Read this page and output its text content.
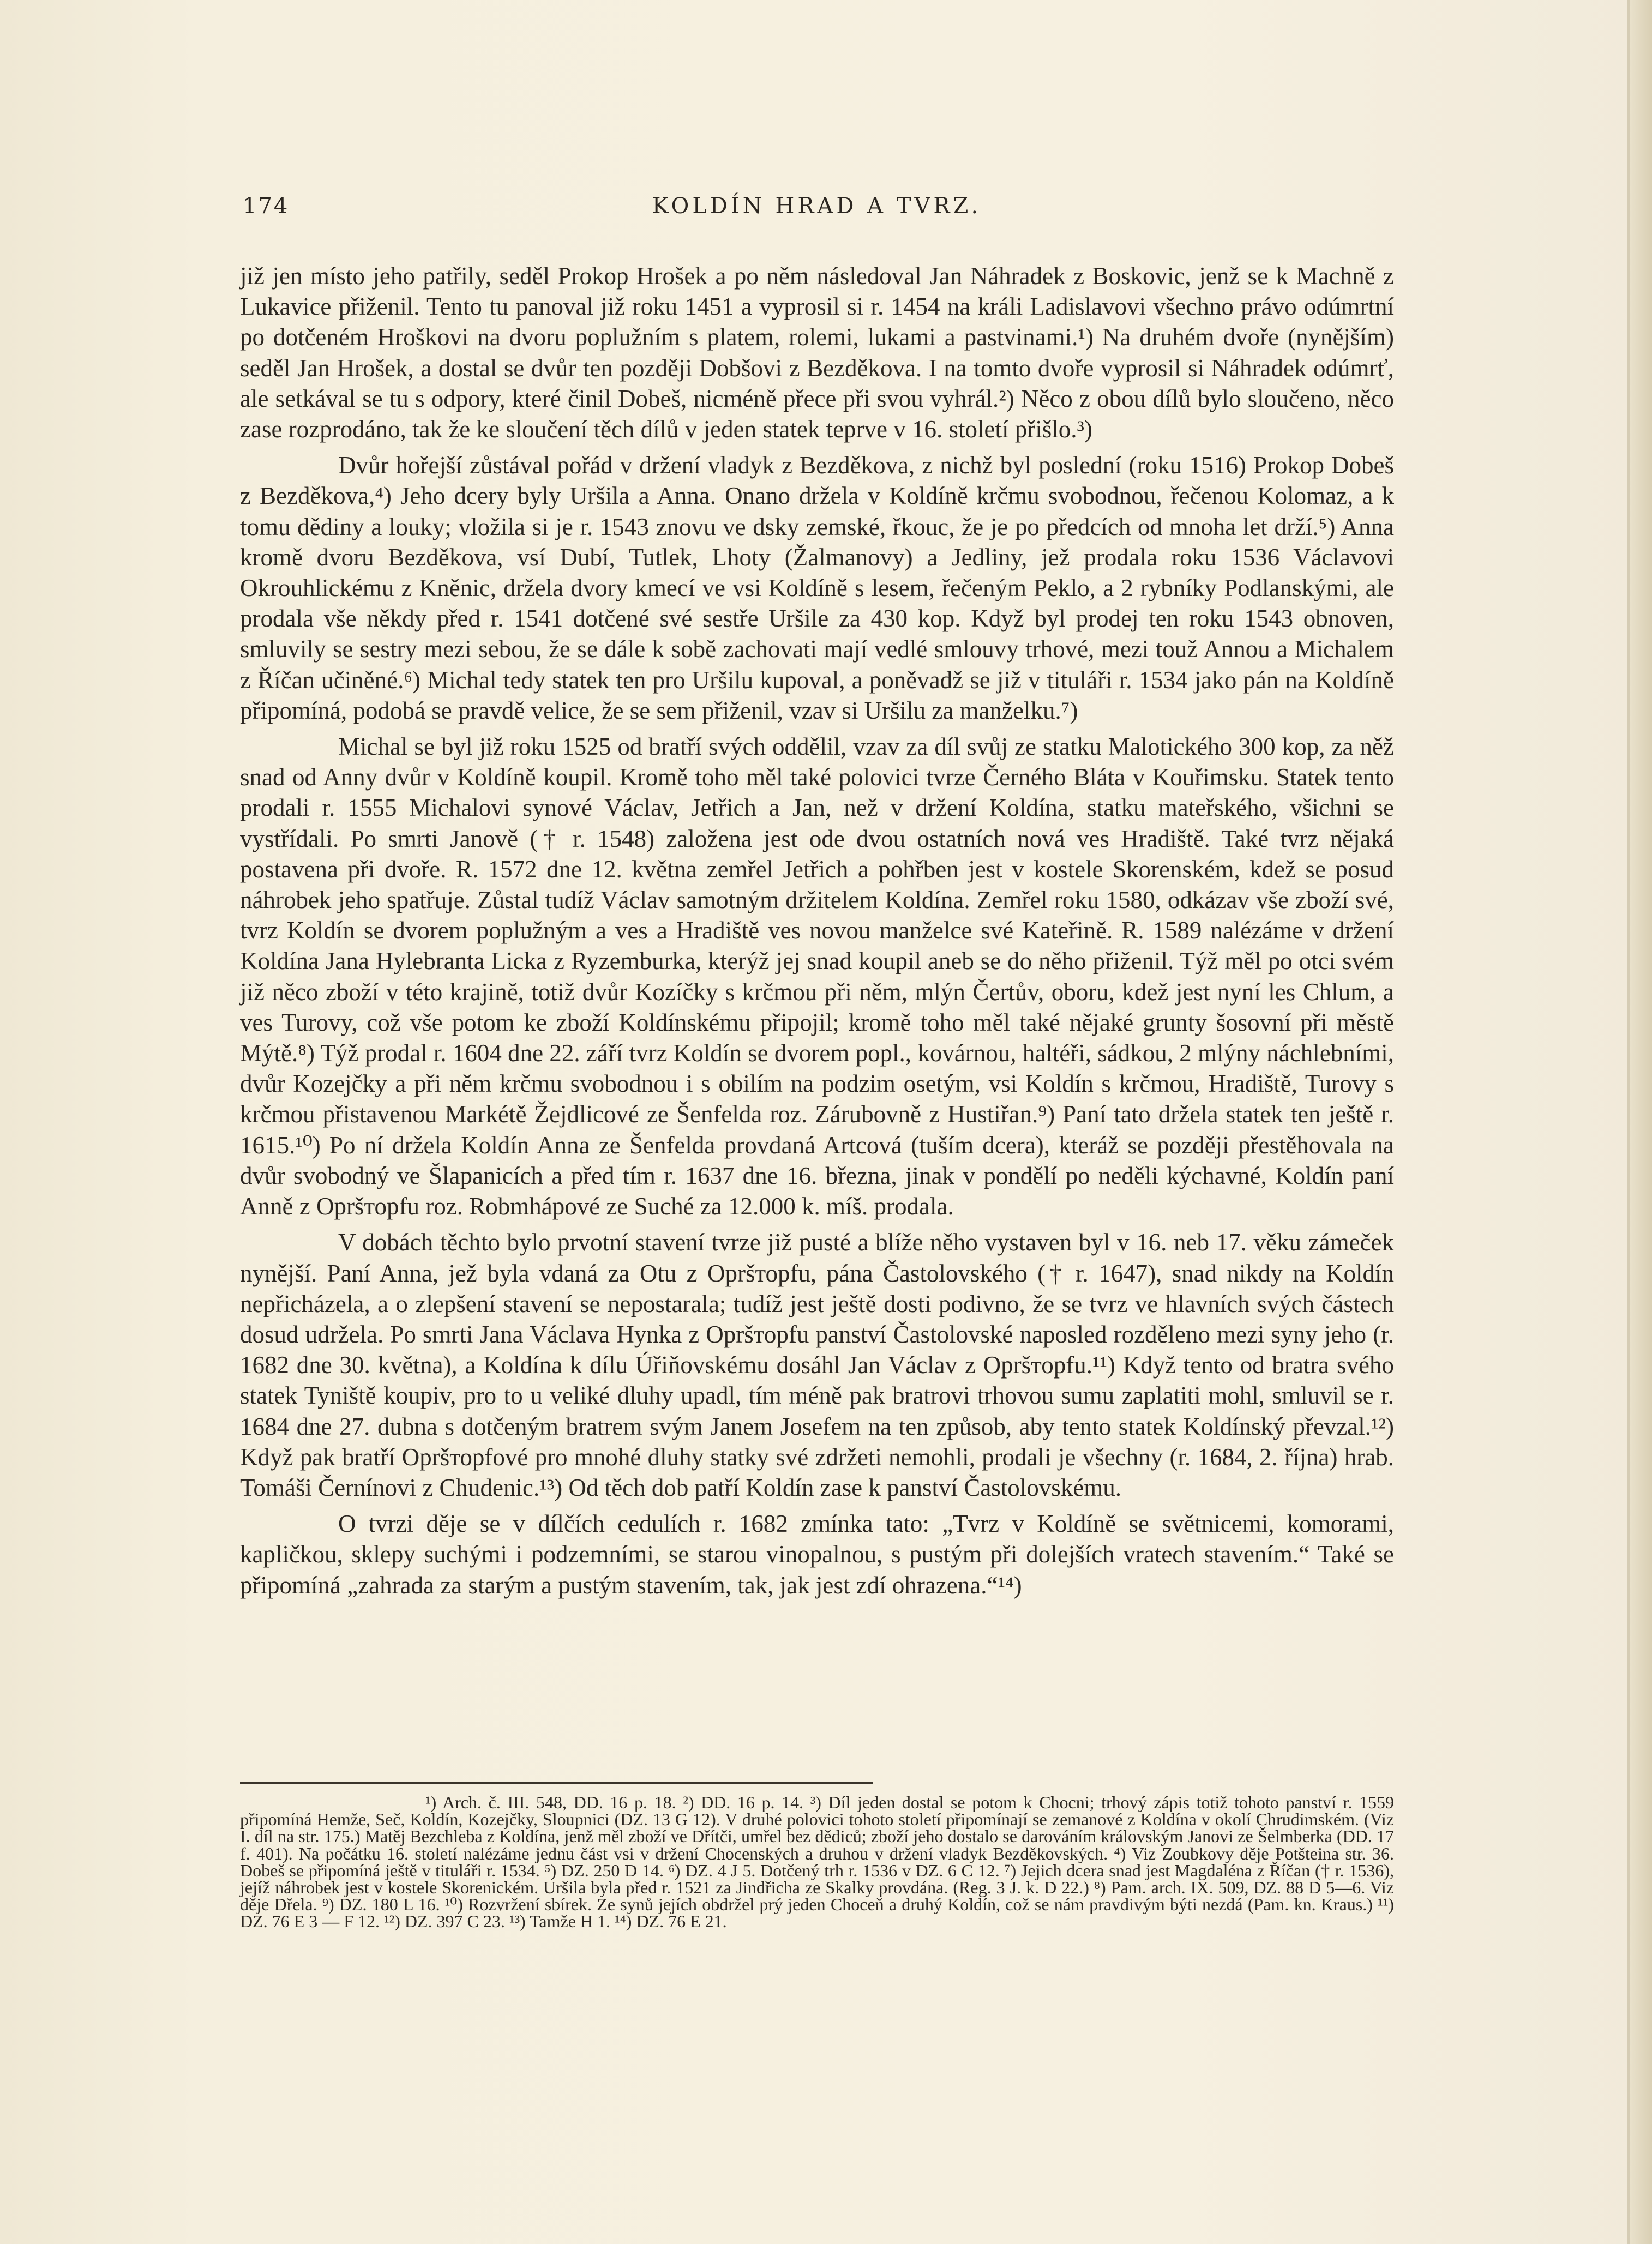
174	KOLDÍN HRAD A TVRZ.

již jen místo jeho patřily, seděl Prokop Hrošek a po něm následoval Jan Náhradek z Boskovic, jenž se k Machně z Lukavice přiženil. Tento tu panoval již roku 1451 a vyprosil si r. 1454 na králi Ladislavovi všechno právo odúmrtní po dotčeném Hroškovi na dvoru poplužním s platem, rolemi, lukami a pastvinami.¹) Na druhém dvoře (nynějším) seděl Jan Hrošek, a dostal se dvůr ten později Dobšovi z Bezděkova. I na tomto dvoře vyprosil si Náhradek odúmrť, ale setkával se tu s odpory, které činil Dobeš, nicméně přece při svou vyhrál.²) Něco z obou dílů bylo sloučeno, něco zase rozprodáno, tak že ke sloučení těch dílů v jeden statek teprve v 16. století přišlo.³)

Dvůr hořejší zůstával pořád v držení vladyk z Bezděkova, z nichž byl poslední (roku 1516) Prokop Dobeš z Bezděkova,⁴) Jeho dcery byly Uršila a Anna. Onano držela v Koldíně krčmu svobodnou, řečenou Kolomaz, a k tomu dědiny a louky; vložila si je r. 1543 znovu ve dsky zemské, řkouc, že je po předcích od mnoha let drží.⁵) Anna kromě dvoru Bezděkova, vsí Dubí, Tutlek, Lhoty (Žalmanovy) a Jedliny, jež prodala roku 1536 Václavovi Okrouhlickému z Kněnic, držela dvory kmecí ve vsi Koldíně s lesem, řečeným Peklo, a 2 rybníky Podlanskými, ale prodala vše někdy před r. 1541 dotčené své sestře Uršile za 430 kop. Když byl prodej ten roku 1543 obnoven, smluvily se sestry mezi sebou, že se dále k sobě zachovati mají vedlé smlouvy trhové, mezi touž Annou a Michalem z Říčan učiněné.⁶) Michal tedy statek ten pro Uršilu kupoval, a poněvadž se již v tituláři r. 1534 jako pán na Koldíně připomíná, podobá se pravdě velice, že se sem přiženil, vzav si Uršilu za manželku.⁷)

Michal se byl již roku 1525 od bratří svých oddělil, vzav za díl svůj ze statku Malotického 300 kop, za něž snad od Anny dvůr v Koldíně koupil. Kromě toho měl také polovici tvrze Černého Bláta v Kouřimsku. Statek tento prodali r. 1555 Michalovi synové Václav, Jetřich a Jan, než v držení Koldína, statku mateřského, všichni se vystřídali. Po smrti Janově († r. 1548) založena jest ode dvou ostatních nová ves Hradiště. Také tvrz nějaká postavena při dvoře. R. 1572 dne 12. května zemřel Jetřich a pohřben jest v kostele Skorenském, kdež se posud náhrobek jeho spatřuje. Zůstal tudíž Václav samotným držitelem Koldína. Zemřel roku 1580, odkázav vše zboží své, tvrz Koldín se dvorem poplužným a ves a Hradiště ves novou manželce své Kateřině. R. 1589 nalézáme v držení Koldína Jana Hylebranta Licka z Ryzemburka, kterýž jej snad koupil aneb se do něho přiženil. Týž měl po otci svém již něco zboží v této krajině, totiž dvůr Kozíčky s krčmou při něm, mlýn Čertův, oboru, kdež jest nyní les Chlum, a ves Turovy, což vše potom ke zboží Koldínskému připojil; kromě toho měl také nějaké grunty šosovní při městě Mýtě.⁸) Týž prodal r. 1604 dne 22. září tvrz Koldín se dvorem popl., kovárnou, haltéři, sádkou, 2 mlýny náchlebními, dvůr Kozejčky a při něm krčmu svobodnou i s obilím na podzim osetým, vsi Koldín s krčmou, Hradiště, Turovy s krčmou přistavenou Markétě Žejdlicové ze Šenfelda roz. Zárubovně z Hustiřan.⁹) Paní tato držela statek ten ještě r. 1615.¹⁰) Po ní držela Koldín Anna ze Šenfelda provdaná Artcová (tuším dcera), kteráž se později přestěhovala na dvůr svobodný ve Šlapanicích a před tím r. 1637 dne 16. března, jinak v pondělí po neděli kýchavné, Koldín paní Anně z Opršторfu roz. Robmhápové ze Suché za 12.000 k. míš. prodala.

V dobách těchto bylo prvotní stavení tvrze již pusté a blíže něho vystaven byl v 16. neb 17. věku zámeček nynější. Paní Anna, jež byla vdaná za Otu z Opršторfu, pána Častolovského († r. 1647), snad nikdy na Koldín nepřicházela, a o zlepšení stavení se nepostarala; tudíž jest ještě dosti podivno, že se tvrz ve hlavních svých částech dosud udržela. Po smrti Jana Václava Hynka z Opršторfu panství Častolovské naposled rozděleno mezi syny jeho (r. 1682 dne 30. května), a Koldína k dílu Úřiňovskému dosáhl Jan Václav z Opršторfu.¹¹) Když tento od bratra svého statek Tyniště koupiv, pro to u veliké dluhy upadl, tím méně pak bratrovi trhovou sumu zaplatiti mohl, smluvil se r. 1684 dne 27. dubna s dotčeným bratrem svým Janem Josefem na ten způsob, aby tento statek Koldínský převzal.¹²) Když pak bratří Opršторfové pro mnohé dluhy statky své zdržeti nemohli, prodali je všechny (r. 1684, 2. října) hrab. Tomáši Černínovi z Chudenic.¹³) Od těch dob patří Koldín zase k panství Častolovskému.

O tvrzi děje se v dílčích cedulích r. 1682 zmínka tato: „Tvrz v Koldíně se světnicemi, komorami, kapličkou, sklepy suchými i podzemními, se starou vinopalnou, s pustým při dolejších vratech stavením.“ Také se připomíná „zahrada za starým a pustým stavením, tak, jak jest zdí ohrazena.“¹⁴)

¹) Arch. č. III. 548, DD. 16 p. 18. ²) DD. 16 p. 14. ³) Díl jeden dostal se potom k Chocni; trhový zápis totiž tohoto panství r. 1559 připomíná Hemže, Seč, Koldín, Kozejčky, Sloupnici (DZ. 13 G 12). V druhé polovici tohoto století připomínají se zemanové z Koldína v okolí Chrudimském. (Viz I. díl na str. 175.) Matěj Bezchleba z Koldína, jenž měl zboží ve Dřítči, umřel bez dědiců; zboží jeho dostalo se darováním královským Janovi ze Šelmberka (DD. 17 f. 401). Na počátku 16. století nalézáme jednu část vsi v držení Chocenských a druhou v držení vladyk Bezděkovských. ⁴) Viz Zoubkovy děje Potšteina str. 36. Dobeš se připomíná ještě v tituláři r. 1534. ⁵) DZ. 250 D 14. ⁶) DZ. 4 J 5. Dotčený trh r. 1536 v DZ. 6 C 12. ⁷) Jejich dcera snad jest Magdaléna z Říčan († r. 1536), jejíž náhrobek jest v kostele Skorenickém. Uršila byla před r. 1521 za Jindřicha ze Skalky provdána. (Reg. 3 J. k. D 22.) ⁸) Pam. arch. IX. 509, DZ. 88 D 5—6. Viz děje Dřela. ⁹) DZ. 180 L 16. ¹⁰) Rozvržení sbírek. Ze synů jejích obdržel prý jeden Choceň a druhý Koldín, což se nám pravdivým býti nezdá (Pam. kn. Kraus.) ¹¹) DZ. 76 E 3 — F 12. ¹²) DZ. 397 C 23. ¹³) Tamže H 1. ¹⁴) DZ. 76 E 21.
